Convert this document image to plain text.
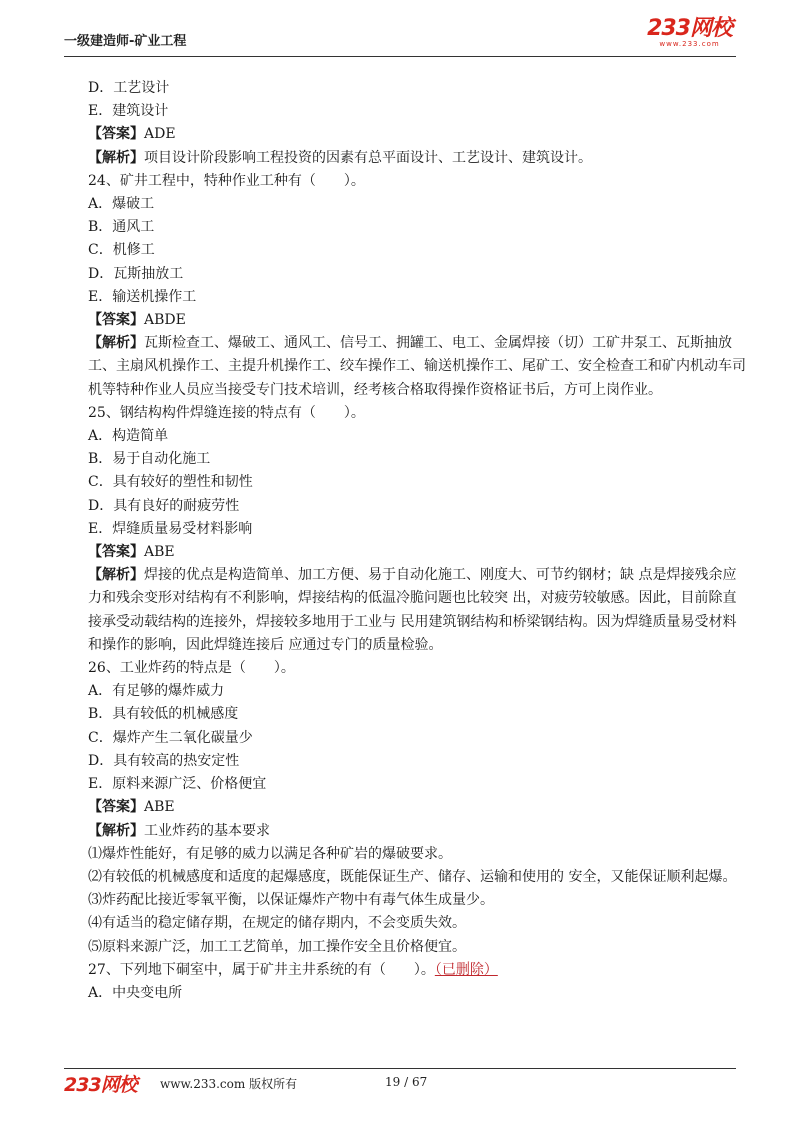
一级建造师-矿业工程
233网校
www.233.com

D．工艺设计

E．建筑设计

【答案】ADE

【解析】项目设计阶段影响工程投资的因素有总平面设计、工艺设计、建筑设计。

24、矿井工程中，特种作业工种有（　　）。

A．爆破工

B．通风工

C．机修工

D．瓦斯抽放工

E．输送机操作工

【答案】ABDE

【解析】瓦斯检查工、爆破工、通风工、信号工、拥罐工、电工、金属焊接（切）工矿井泵工、瓦斯抽放工、主扇风机操作工、主提升机操作工、绞车操作工、输送机操作工、尾矿工、安全检查工和矿内机动车司机等特种作业人员应当接受专门技术培训，经考核合格取得操作资格证书后，方可上岗作业。

25、钢结构构件焊缝连接的特点有（　　）。

A．构造简单

B．易于自动化施工

C．具有较好的塑性和韧性

D．具有良好的耐疲劳性

E．焊缝质量易受材料影响

【答案】ABE

【解析】焊接的优点是构造简单、加工方便、易于自动化施工、刚度大、可节约钢材；缺 点是焊接残余应力和残余变形对结构有不利影响，焊接结构的低温冷脆问题也比较突 出，对疲劳较敏感。因此，目前除直接承受动载结构的连接外，焊接较多地用于工业与 民用建筑钢结构和桥梁钢结构。因为焊缝质量易受材料和操作的影响，因此焊缝连接后 应通过专门的质量检验。

26、工业炸药的特点是（　　）。

A．有足够的爆炸威力

B．具有较低的机械感度

C．爆炸产生二氧化碳量少

D．具有较高的热安定性

E．原料来源广泛、价格便宜

【答案】ABE

【解析】工业炸药的基本要求

⑴爆炸性能好，有足够的威力以满足各种矿岩的爆破要求。

⑵有较低的机械感度和适度的起爆感度，既能保证生产、储存、运输和使用的 安全，又能保证顺利起爆。

⑶炸药配比接近零氧平衡，以保证爆炸产物中有毒气体生成量少。

⑷有适当的稳定储存期，在规定的储存期内，不会变质失效。

⑸原料来源广泛，加工工艺简单，加工操作安全且价格便宜。

27、下列地下硐室中，属于矿井主井系统的有（　　）。（已删除）

A．中央变电所

233网校 www.233.com 版权所有	19 / 67
